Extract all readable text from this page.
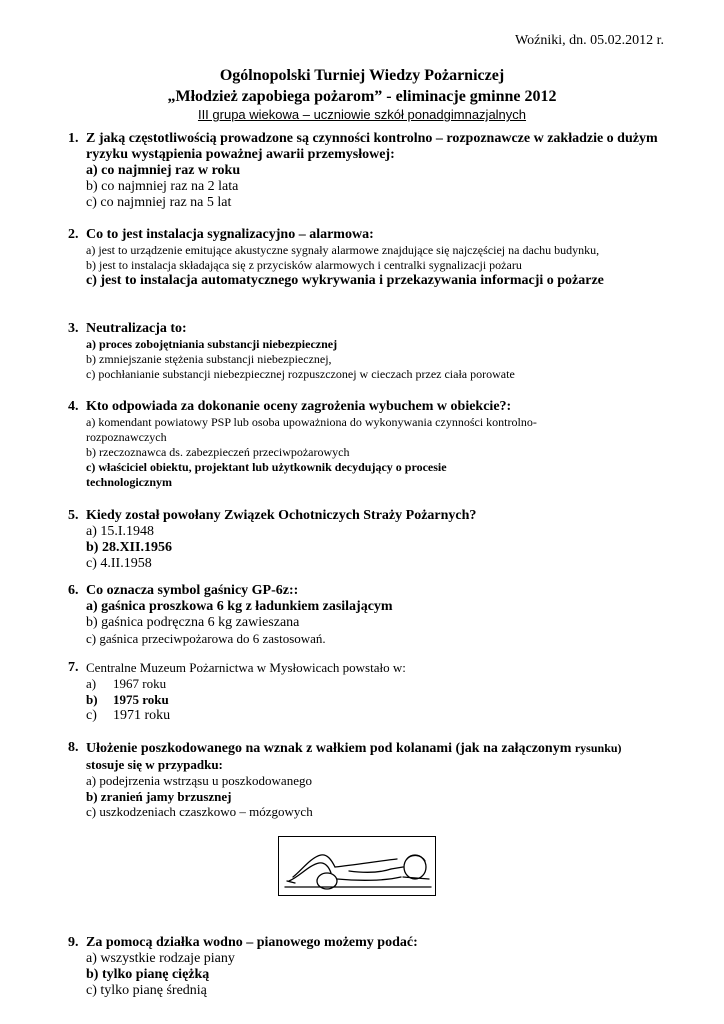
Woźniki, dn. 05.02.2012 r.
Ogólnopolski Turniej Wiedzy Pożarniczej
„Młodzież zapobiega pożarom” - eliminacje gminne 2012
III grupa wiekowa – uczniowie szkół ponadgimnazjalnych
1. Z jaką częstotliwością prowadzone są czynności kontrolno – rozpoznawcze w zakładzie o dużym ryzyku wystąpienia poważnej awarii przemysłowej:
a) co najmniej raz w roku
b) co najmniej raz na 2 lata
c) co najmniej raz na 5 lat
2. Co to jest instalacja sygnalizacyjno – alarmowa:
a) jest to urządzenie emitujące akustyczne sygnały alarmowe znajdujące się najczęściej na dachu budynku,
b) jest to instalacja składająca się z przycisków alarmowych i centralki sygnalizacji pożaru
c) jest to instalacja automatycznego wykrywania i przekazywania informacji o pożarze
3. Neutralizacja to:
a) proces zobojętniania substancji niebezpiecznej
b) zmniejszanie stężenia substancji niebezpiecznej,
c) pochłanianie substancji niebezpiecznej rozpuszczonej w cieczach przez ciała porowate
4. Kto odpowiada za dokonanie oceny zagrożenia wybuchem w obiekcie?:
a) komendant powiatowy PSP lub osoba upoważniona do wykonywania czynności kontrolno-rozpoznawczych
b) rzeczoznawca ds. zabezpieczeń przeciwpożarowych
c) właściciel obiektu, projektant lub użytkownik decydujący o procesie technologicznym
5. Kiedy został powołany Związek Ochotniczych Straży Pożarnych?
a) 15.I.1948
b) 28.XII.1956
c) 4.II.1958
6. Co oznacza symbol gaśnicy GP-6z::
a) gaśnica proszkowa 6 kg z ładunkiem zasilającym
b) gaśnica podręczna 6 kg zawieszana
c) gaśnica przeciwpożarowa do 6 zastosowań.
7. Centralne Muzeum Pożarnictwa w Mysłowicach powstało w:
a)	1967 roku
b)	1975 roku
c)	1971 roku
8. Ułożenie poszkodowanego na wznak z wałkiem pod kolanami (jak na załączonym rysunku)
stosuje się w przypadku:
a) podejrzenia wstrząsu u poszkodowanego
b) zranień jamy brzusznej
c) uszkodzeniach czaszkowo – mózgowych
9. Za pomocą działka wodno – pianowego możemy podać:
a) wszystkie rodzaje piany
b) tylko pianę ciężką
c) tylko pianę średnią
